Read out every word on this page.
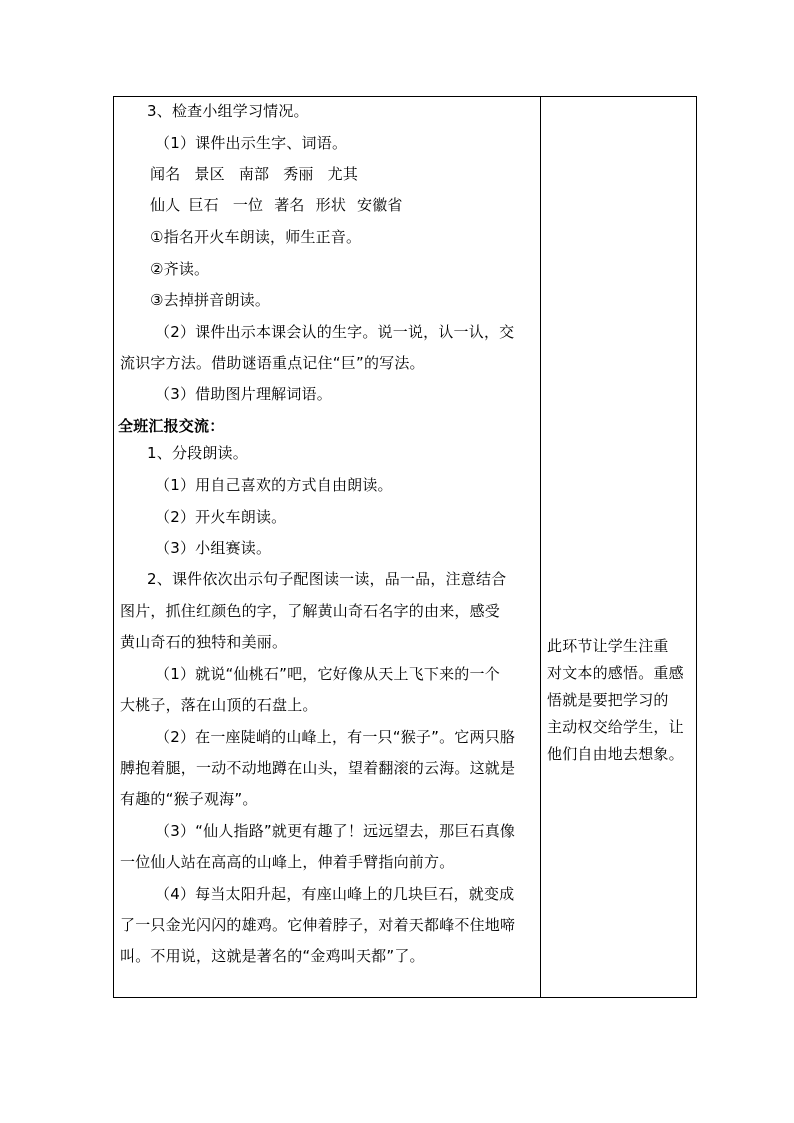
3、检查小组学习情况。
（1）课件出示生字、词语。
闻名 景区 南部 秀丽 尤其
仙人 巨石 一位 著名 形状 安徽省
①指名开火车朗读，师生正音。
②齐读。
③去掉拼音朗读。
（2）课件出示本课会认的生字。说一说，认一认，交
流识字方法。借助谜语重点记住“巨”的写法。
（3）借助图片理解词语。
全班汇报交流：
1、分段朗读。
（1）用自己喜欢的方式自由朗读。
（2）开火车朗读。
（3）小组赛读。
2、课件依次出示句子配图读一读，品一品，注意结合
图片，抓住红颜色的字，了解黄山奇石名字的由来，感受
黄山奇石的独特和美丽。
（1）就说“仙桃石”吧，它好像从天上飞下来的一个
大桃子，落在山顶的石盘上。
（2）在一座陡峭的山峰上，有一只“猴子”。它两只胳
膊抱着腿，一动不动地蹲在山头，望着翻滚的云海。这就是
有趣的“猴子观海”。
（3）“仙人指路”就更有趣了！远远望去，那巨石真像
一位仙人站在高高的山峰上，伸着手臂指向前方。
（4）每当太阳升起，有座山峰上的几块巨石，就变成
了一只金光闪闪的雄鸡。它伸着脖子，对着天都峰不住地啼
叫。不用说，这就是著名的“金鸡叫天都”了。
此环节让学生注重
对文本的感悟。重感
悟就是要把学习的
主动权交给学生，让
他们自由地去想象。
